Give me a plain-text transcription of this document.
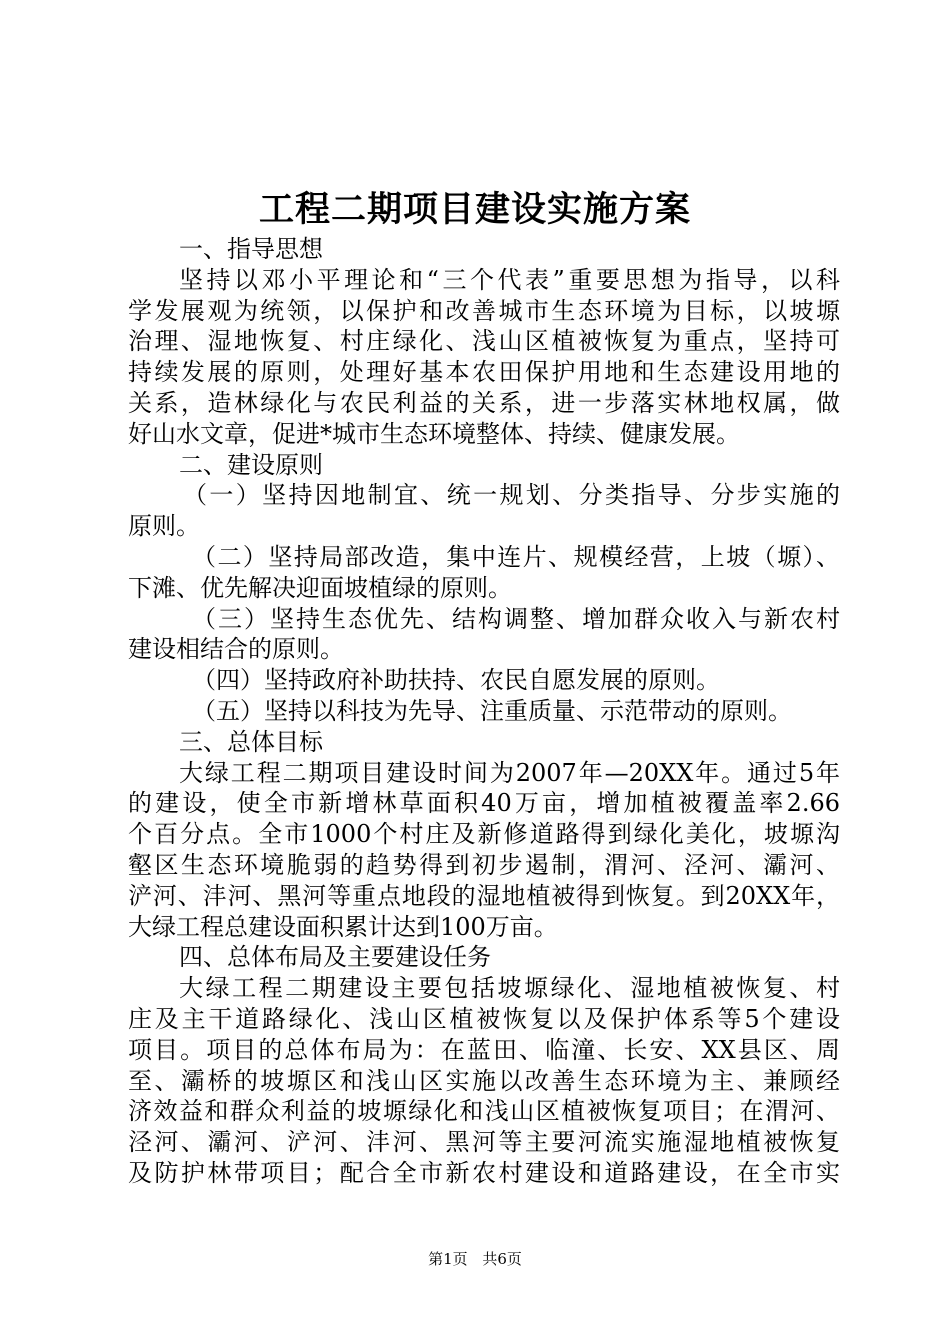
工程二期项目建设实施方案
一、指导思想
坚持以邓小平理论和“三个代表”重要思想为指导，以科
学发展观为统领，以保护和改善城市生态环境为目标，以坡塬
治理、湿地恢复、村庄绿化、浅山区植被恢复为重点，坚持可
持续发展的原则，处理好基本农田保护用地和生态建设用地的
关系，造林绿化与农民利益的关系，进一步落实林地权属，做
好山水文章，促进*城市生态环境整体、持续、健康发展。
二、建设原则
（一）坚持因地制宜、统一规划、分类指导、分步实施的
原则。
（二）坚持局部改造，集中连片、规模经营，上坡（塬）、
下滩、优先解决迎面坡植绿的原则。
（三）坚持生态优先、结构调整、增加群众收入与新农村
建设相结合的原则。
（四）坚持政府补助扶持、农民自愿发展的原则。
（五）坚持以科技为先导、注重质量、示范带动的原则。
三、总体目标
大绿工程二期项目建设时间为2007年—20XX年。通过5年
的建设，使全市新增林草面积40万亩，增加植被覆盖率2.66
个百分点。全市1000个村庄及新修道路得到绿化美化，坡塬沟
壑区生态环境脆弱的趋势得到初步遏制，渭河、泾河、灞河、
浐河、沣河、黑河等重点地段的湿地植被得到恢复。到20XX年，
大绿工程总建设面积累计达到100万亩。
四、总体布局及主要建设任务
大绿工程二期建设主要包括坡塬绿化、湿地植被恢复、村
庄及主干道路绿化、浅山区植被恢复以及保护体系等5个建设
项目。项目的总体布局为：在蓝田、临潼、长安、XX县区、周
至、灞桥的坡塬区和浅山区实施以改善生态环境为主、兼顾经
济效益和群众利益的坡塬绿化和浅山区植被恢复项目；在渭河、
泾河、灞河、浐河、沣河、黑河等主要河流实施湿地植被恢复
及防护林带项目；配合全市新农村建设和道路建设，在全市实
第1页 共6页
